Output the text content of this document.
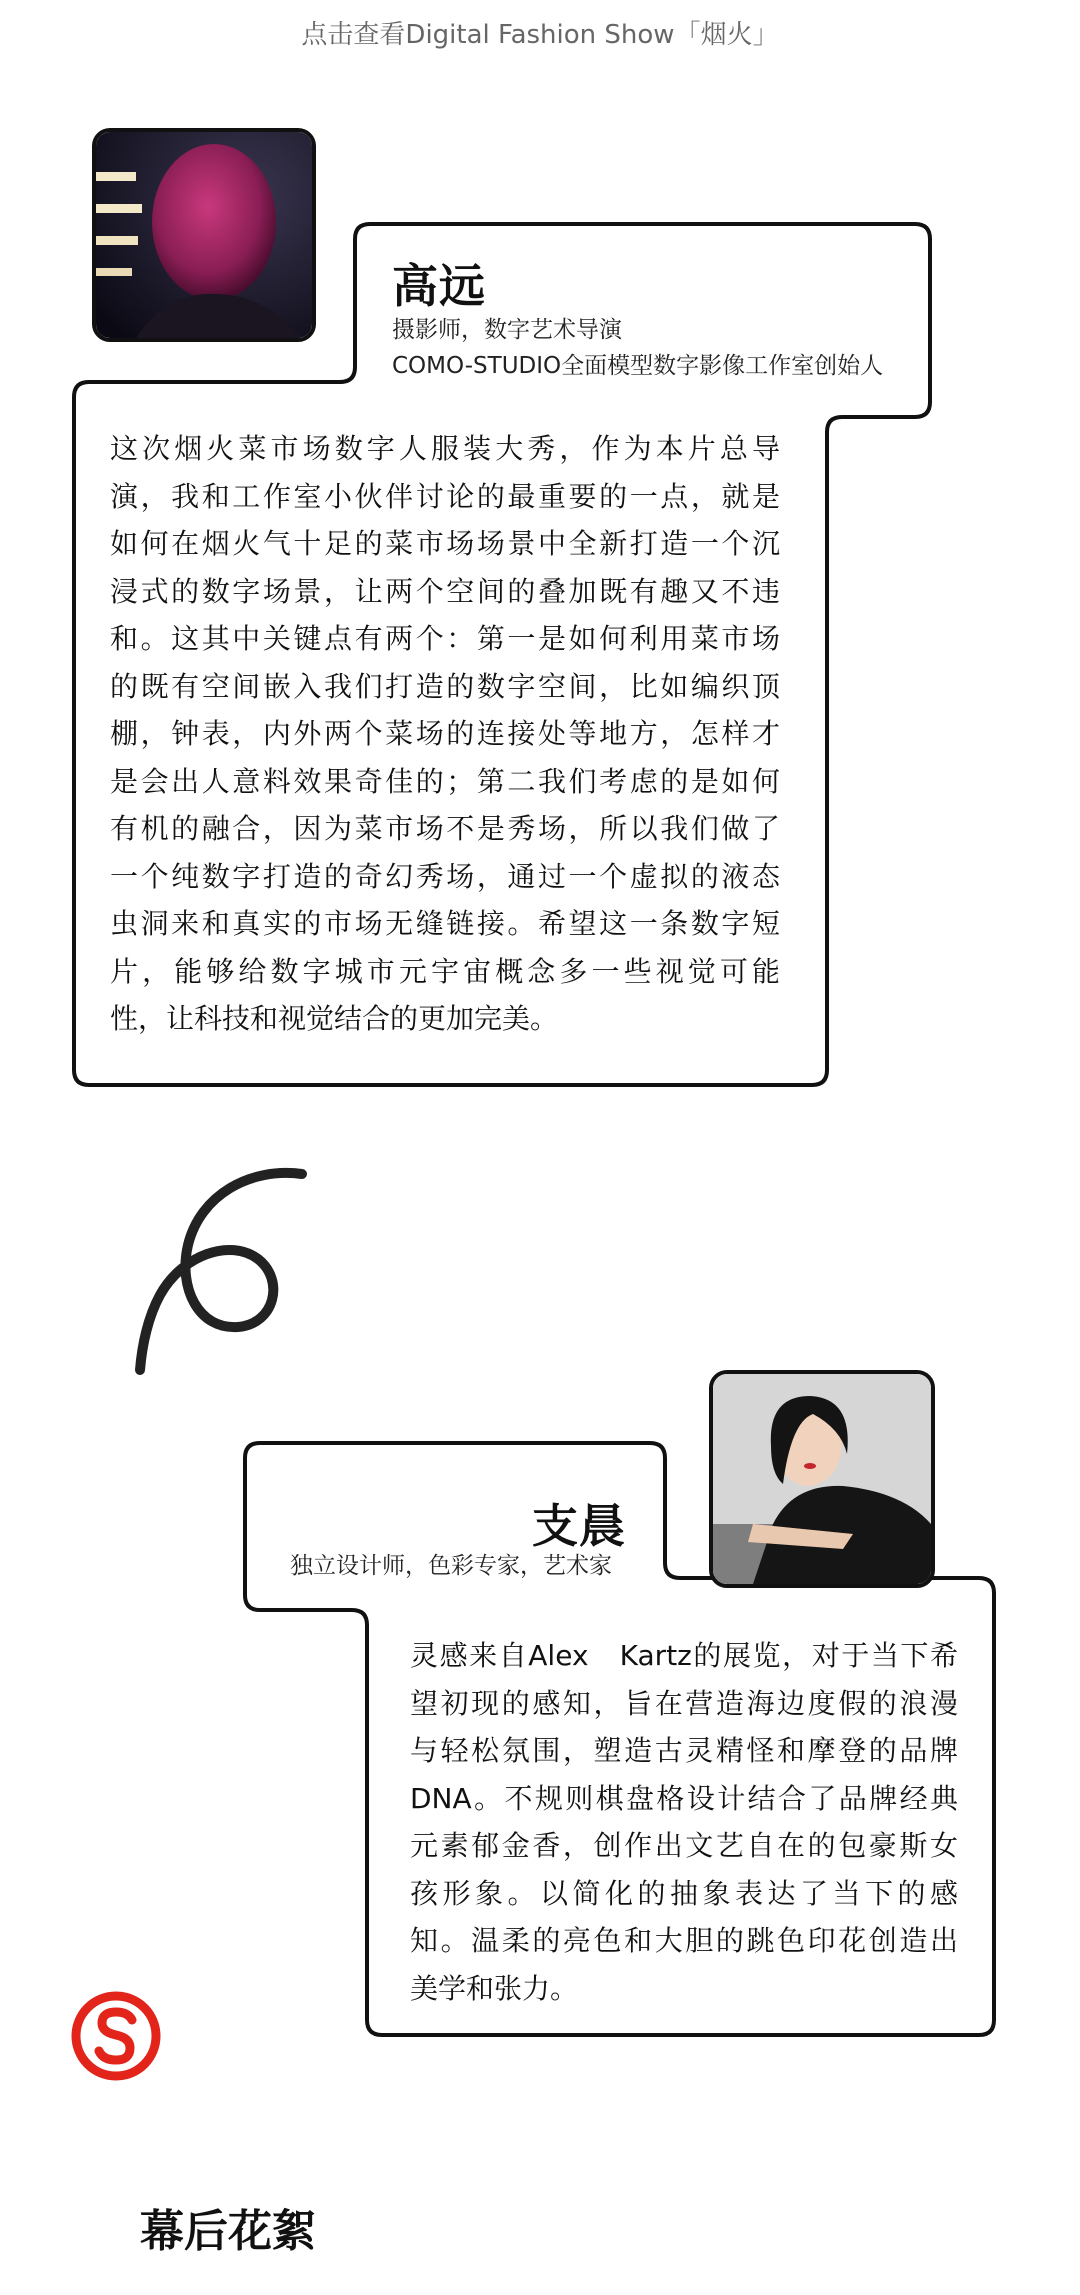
点击查看Digital Fashion Show「烟火」
高远
摄影师，数字艺术导演
COMO-STUDIO全面模型数字影像工作室创始人
这次烟火菜市场数字人服装大秀，作为本片总导
演，我和工作室小伙伴讨论的最重要的一点，就是
如何在烟火气十足的菜市场场景中全新打造一个沉
浸式的数字场景，让两个空间的叠加既有趣又不违
和。这其中关键点有两个：第一是如何利用菜市场
的既有空间嵌入我们打造的数字空间，比如编织顶
棚，钟表，内外两个菜场的连接处等地方，怎样才
是会出人意料效果奇佳的；第二我们考虑的是如何
有机的融合，因为菜市场不是秀场，所以我们做了
一个纯数字打造的奇幻秀场，通过一个虚拟的液态
虫洞来和真实的市场无缝链接。希望这一条数字短
片，能够给数字城市元宇宙概念多一些视觉可能
性，让科技和视觉结合的更加完美。
支晨
独立设计师，色彩专家，艺术家
灵感来自Alex　Kartz的展览，对于当下希
望初现的感知，旨在营造海边度假的浪漫
与轻松氛围，塑造古灵精怪和摩登的品牌
DNA。不规则棋盘格设计结合了品牌经典
元素郁金香，创作出文艺自在的包豪斯女
孩形象。以简化的抽象表达了当下的感
知。温柔的亮色和大胆的跳色印花创造出
美学和张力。
幕后花絮
